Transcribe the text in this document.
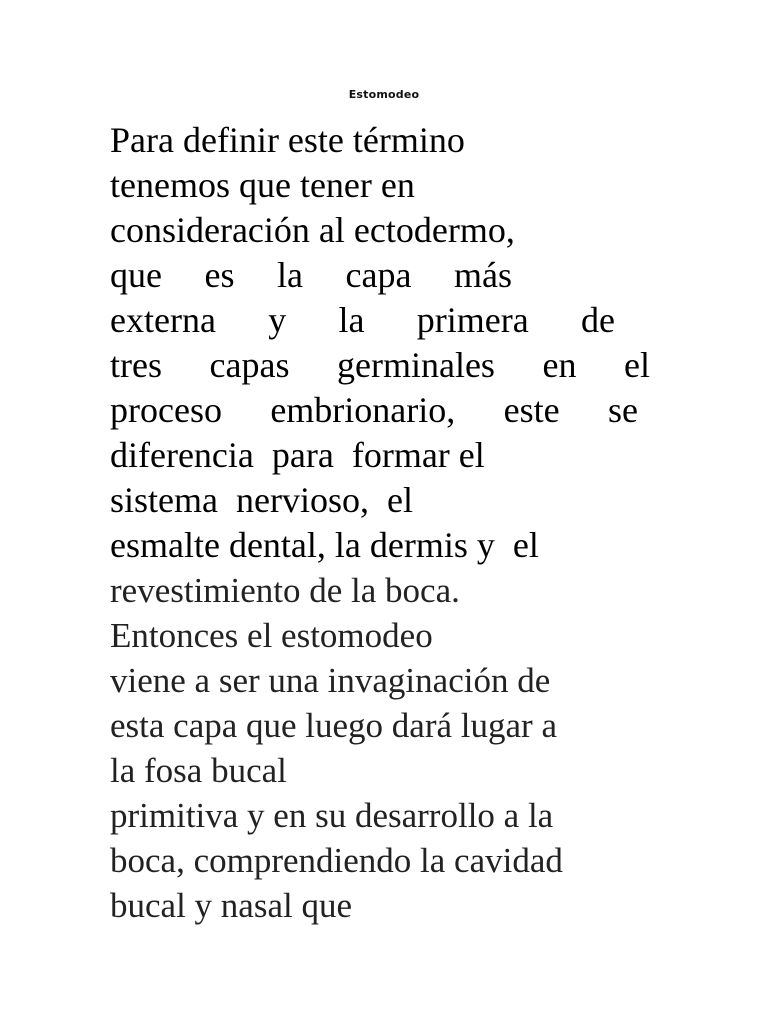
Estomodeo
Para definir este término
tenemos que tener en
consideración al ectodermo,
que es la capa más
externa y la primera de
tres capas germinales en el
proceso embrionario, este se
diferencia  para  formar el
sistema  nervioso,  el
esmalte dental, la dermis y  el
revestimiento de la boca.
Entonces el estomodeo
viene a ser una invaginación de
esta capa que luego dará lugar a
la fosa bucal
primitiva y en su desarrollo a la
boca, comprendiendo la cavidad
bucal y nasal que
